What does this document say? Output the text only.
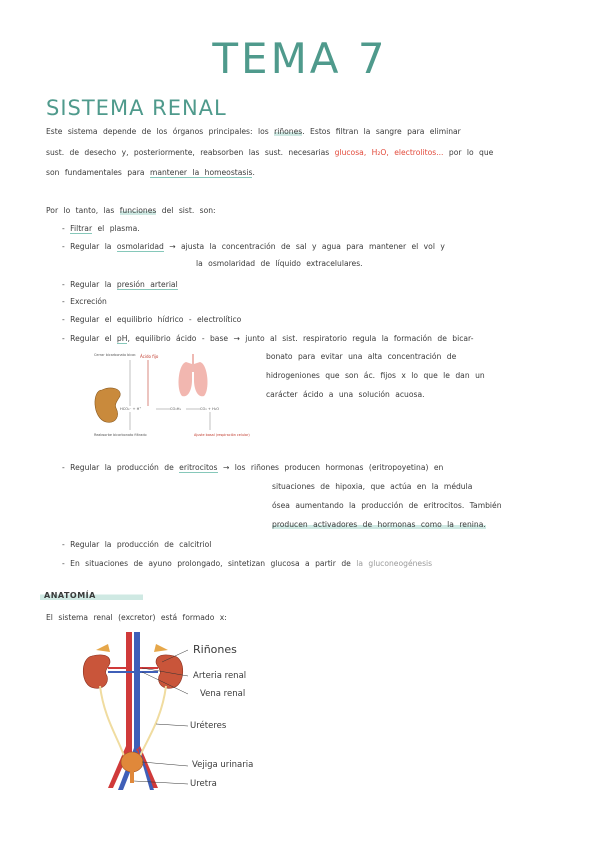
TEMA 7
SISTEMA RENAL
Este sistema depende de los órganos principales: los riñones. Estos filtran la sangre para eliminar
sust. de desecho y, posteriormente, reabsorben las sust. necesarias glucosa, H₂O, electrolitos... por lo que
son fundamentales para mantener la homeostasis.
Por lo tanto, las funciones del sist. son:
- Filtrar el plasma.
- Regular la osmolaridad → ajusta la concentración de sal y agua para mantener el vol y
la osmolaridad de líquido extracelulares.
- Regular la presión arterial
- Excreción
- Regular el equilibrio hídrico - electrolítico
- Regular el pH, equilibrio ácido - base → junto al sist. respiratorio regula la formación de bicar-
bonato para evitar una alta concentración de
hidrogeniones que son ác. fijos x lo que le dan un
carácter ácido a una solución acuosa.
Ácido fijo
HCO₃⁻ + H⁺	CO₂H₃	CO₂ + H₂O
Cerrar bicarbonato bicar.
Reabsorbe bicarbonato filtrado	Ajuste basal (respiración celular)
- Regular la producción de eritrocitos → los riñones producen hormonas (eritropoyetina) en
situaciones de hipoxia, que actúa en la médula
ósea aumentando la producción de eritrocitos. También
producen activadores de hormonas como la renina.
- Regular la producción de calcitriol
- En situaciones de ayuno prolongado, sintetizan glucosa a partir de la gluconeogénesis
ANATOMÍA
El sistema renal (excretor) está formado x:
Riñones
Arteria renal
Vena renal
Uréteres
Vejiga urinaria
Uretra
